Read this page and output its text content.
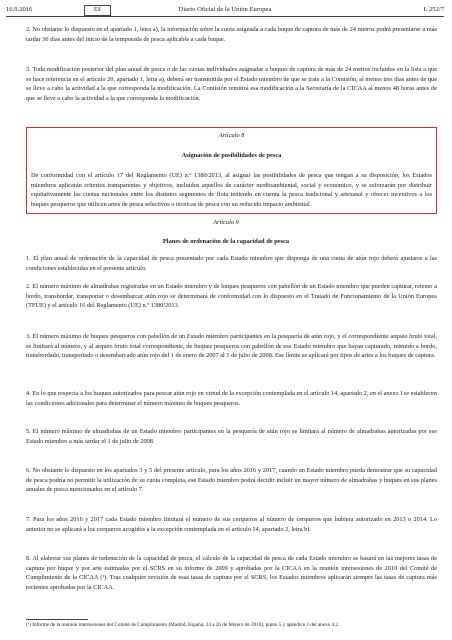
16.9.2016	ES	Diario Oficial de la Unión Europea	L 252/7

2. No obstante lo dispuesto en el apartado 1, letra a), la información sobre la cuota asignada a cada buque de captura de más de 24 metros podrá presentarse a más tardar 30 días antes del inicio de la temporada de pesca aplicable a cada buque.

3. Toda modificación posterior del plan anual de pesca o de las cuotas individuales asignadas a buques de captura de más de 24 metros incluidos en la lista a que se hace referencia en el artículo 20, apartado 1, letra a), deberá ser transmitida por el Estado miembro de que se trate a la Comisión, al menos tres días antes de que se lleve a cabo la actividad a la que corresponda la modificación. La Comisión remitirá esa modificación a la Secretaría de la CICAA al menos 48 horas antes de que se lleve a cabo la actividad a la que corresponda la modificación.

Artículo 8
Asignación de posibilidades de pesca

De conformidad con el artículo 17 del Reglamento (UE) n.º 1380/2013, al asignar las posibilidades de pesca que tengan a su disposición, los Estados miembros aplicarán criterios transparentes y objetivos, incluidos aquellos de carácter medioambiental, social y económico, y se esforzarán por distribuir equitativamente las cuotas nacionales entre los distintos segmentos de flota teniendo en cuenta la pesca tradicional y artesanal y ofrecer incentivos a los buques pesqueros que utilicen artes de pesca selectivos o técnicas de pesca con un reducido impacto ambiental.

Artículo 9
Planes de ordenación de la capacidad de pesca

1. El plan anual de ordenación de la capacidad de pesca presentado por cada Estado miembro que disponga de una cuota de atún rojo deberá ajustarse a las condiciones establecidas en el presente artículo.

2. El número máximo de almadrabas registradas en un Estado miembro y de buques pesqueros con pabellón de un Estado miembro que pueden capturar, retener a bordo, transbordar, transportar o desembarcar atún rojo se determinará de conformidad con lo dispuesto en el Tratado de Funcionamiento de la Unión Europea (TFUE) y el artículo 16 del Reglamento (UE) n.º 1380/2013.

3. El número máximo de buques pesqueros con pabellón de un Estado miembro participantes en la pesquería de atún rojo, y el correspondiente arqueo bruto total, se limitará al número, y al arqueo bruto total correspondiente, de buques pesqueros con pabellón de ese Estado miembro que hayan capturado, retenido a bordo, transbordado, transportado o desembarcado atún rojo del 1 de enero de 2007 al 1 de julio de 2008. Ese límite se aplicará por tipos de artes a los buques de captura.

4. En lo que respecta a los buques autorizados para pescar atún rojo en virtud de la excepción contemplada en el artículo 14, apartado 2, en el anexo I se establecen las condiciones adicionales para determinar el número máximo de buques pesqueros.

5. El número máximo de almadrabas de un Estado miembro participantes en la pesquería de atún rojo se limitará al número de almadrabas autorizadas por ese Estado miembro a más tardar el 1 de julio de 2008.

6. No obstante lo dispuesto en los apartados 3 y 5 del presente artículo, para los años 2016 y 2017, cuando un Estado miembro pueda demostrar que su capacidad de pesca podría no permitir la utilización de su cuota completa, ese Estado miembro podrá decidir incluir un mayor número de almadrabas y buques en sus planes anuales de pesca mencionados en el artículo 7.

7. Para los años 2016 y 2017 cada Estado miembro limitará el número de sus cerqueros al número de cerqueros que hubiera autorizado en 2013 o 2014. Lo anterior no se aplicará a los cerqueros acogidos a la excepción contemplada en el artículo 14, apartado 2, letra b).

8. Al elaborar sus planes de ordenación de la capacidad de pesca, el cálculo de la capacidad de pesca de cada Estado miembro se basará en las mejores tasas de captura por buque y por arte estimadas por el SCRS en su informe de 2009 y aprobadas por la CICAA en la reunión intersesiones de 2010 del Comité de Cumplimiento de la CICAA (¹). Tras cualquier revisión de esas tasas de captura por el SCRS, los Estados miembros aplicarán siempre las tasas de captura más recientes aprobadas por la CICAA.

(¹) Informe de la reunión intersesiones del Comité de Cumplimiento (Madrid, España; 24 a 26 de febrero de 2010), punto 5 y apéndice 3 del anexo 4.2.
